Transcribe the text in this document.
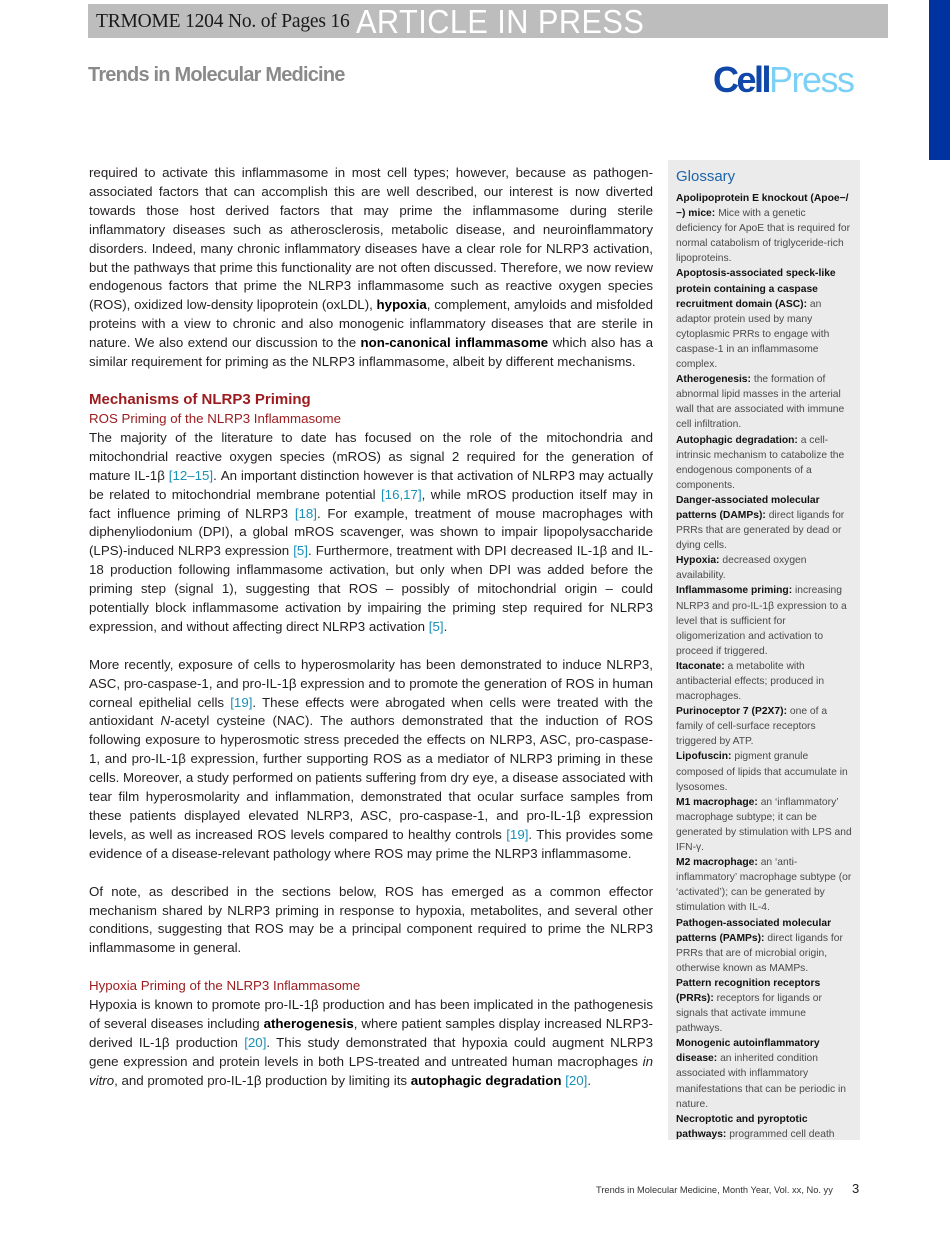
TRMOME 1204 No. of Pages 16 ARTICLE IN PRESS
Trends in Molecular Medicine	CellPress

required to activate this inflammasome in most cell types; however, because as pathogen-associated factors that can accomplish this are well described, our interest is now diverted towards those host derived factors that may prime the inflammasome during sterile inflammatory diseases such as atherosclerosis, metabolic disease, and neuroinflammatory disorders. Indeed, many chronic inflammatory diseases have a clear role for NLRP3 activation, but the pathways that prime this functionality are not often discussed. Therefore, we now review endogenous factors that prime the NLRP3 inflammasome such as reactive oxygen species (ROS), oxidized low-density lipoprotein (oxLDL), hypoxia, complement, amyloids and misfolded proteins with a view to chronic and also monogenic inflammatory diseases that are sterile in nature. We also extend our discussion to the non-canonical inflammasome which also has a similar requirement for priming as the NLRP3 inflammasome, albeit by different mechanisms.

Mechanisms of NLRP3 Priming
ROS Priming of the NLRP3 Inflammasome

The majority of the literature to date has focused on the role of the mitochondria and mitochondrial reactive oxygen species (mROS) as signal 2 required for the generation of mature IL-1β [12–15]. An important distinction however is that activation of NLRP3 may actually be related to mitochondrial membrane potential [16,17], while mROS production itself may in fact influence priming of NLRP3 [18]. For example, treatment of mouse macrophages with diphenyliodonium (DPI), a global mROS scavenger, was shown to impair lipopolysaccharide (LPS)-induced NLRP3 expression [5]. Furthermore, treatment with DPI decreased IL-1β and IL-18 production following inflammasome activation, but only when DPI was added before the priming step (signal 1), suggesting that ROS – possibly of mitochondrial origin – could potentially block inflammasome activation by impairing the priming step required for NLRP3 expression, and without affecting direct NLRP3 activation [5].

More recently, exposure of cells to hyperosmolarity has been demonstrated to induce NLRP3, ASC, pro-caspase-1, and pro-IL-1β expression and to promote the generation of ROS in human corneal epithelial cells [19]. These effects were abrogated when cells were treated with the antioxidant N-acetyl cysteine (NAC). The authors demonstrated that the induction of ROS following exposure to hyperosmotic stress preceded the effects on NLRP3, ASC, pro-caspase-1, and pro-IL-1β expression, further supporting ROS as a mediator of NLRP3 priming in these cells. Moreover, a study performed on patients suffering from dry eye, a disease associated with tear film hyperosmolarity and inflammation, demonstrated that ocular surface samples from these patients displayed elevated NLRP3, ASC, pro-caspase-1, and pro-IL-1β expression levels, as well as increased ROS levels compared to healthy controls [19]. This provides some evidence of a disease-relevant pathology where ROS may prime the NLRP3 inflammasome.

Of note, as described in the sections below, ROS has emerged as a common effector mechanism shared by NLRP3 priming in response to hypoxia, metabolites, and several other conditions, suggesting that ROS may be a principal component required to prime the NLRP3 inflammasome in general.

Hypoxia Priming of the NLRP3 Inflammasome

Hypoxia is known to promote pro-IL-1β production and has been implicated in the pathogenesis of several diseases including atherogenesis, where patient samples display increased NLRP3-derived IL-1β production [20]. This study demonstrated that hypoxia could augment NLRP3 gene expression and protein levels in both LPS-treated and untreated human macrophages in vitro, and promoted pro-IL-1β production by limiting its autophagic degradation [20].

Glossary
Apolipoprotein E knockout (Apoe−/−) mice: Mice with a genetic deficiency for ApoE that is required for normal catabolism of triglyceride-rich lipoproteins.
Apoptosis-associated speck-like protein containing a caspase recruitment domain (ASC): an adaptor protein used by many cytoplasmic PRRs to engage with caspase-1 in an inflammasome complex.
Atherogenesis: the formation of abnormal lipid masses in the arterial wall that are associated with immune cell infiltration.
Autophagic degradation: a cell-intrinsic mechanism to catabolize the endogenous components of a components.
Danger-associated molecular patterns (DAMPs): direct ligands for PRRs that are generated by dead or dying cells.
Hypoxia: decreased oxygen availability.
Inflammasome priming: increasing NLRP3 and pro-IL-1β expression to a level that is sufficient for oligomerization and activation to proceed if triggered.
Itaconate: a metabolite with antibacterial effects; produced in macrophages.
Purinoceptor 7 (P2X7): one of a family of cell-surface receptors triggered by ATP.
Lipofuscin: pigment granule composed of lipids that accumulate in lysosomes.
M1 macrophage: an ‘inflammatory’ macrophage subtype; it can be generated by stimulation with LPS and IFN-γ.
M2 macrophage: an ‘anti-inflammatory’ macrophage subtype (or ‘activated’); can be generated by stimulation with IL-4.
Pathogen-associated molecular patterns (PAMPs): direct ligands for PRRs that are of microbial origin, otherwise known as MAMPs.
Pattern recognition receptors (PRRs): receptors for ligands or signals that activate immune pathways.
Monogenic autoinflammatory disease: an inherited condition associated with inflammatory manifestations that can be periodic in nature.
Necroptotic and pyroptotic pathways: programmed cell death
Trends in Molecular Medicine, Month Year, Vol. xx, No. yy 3
